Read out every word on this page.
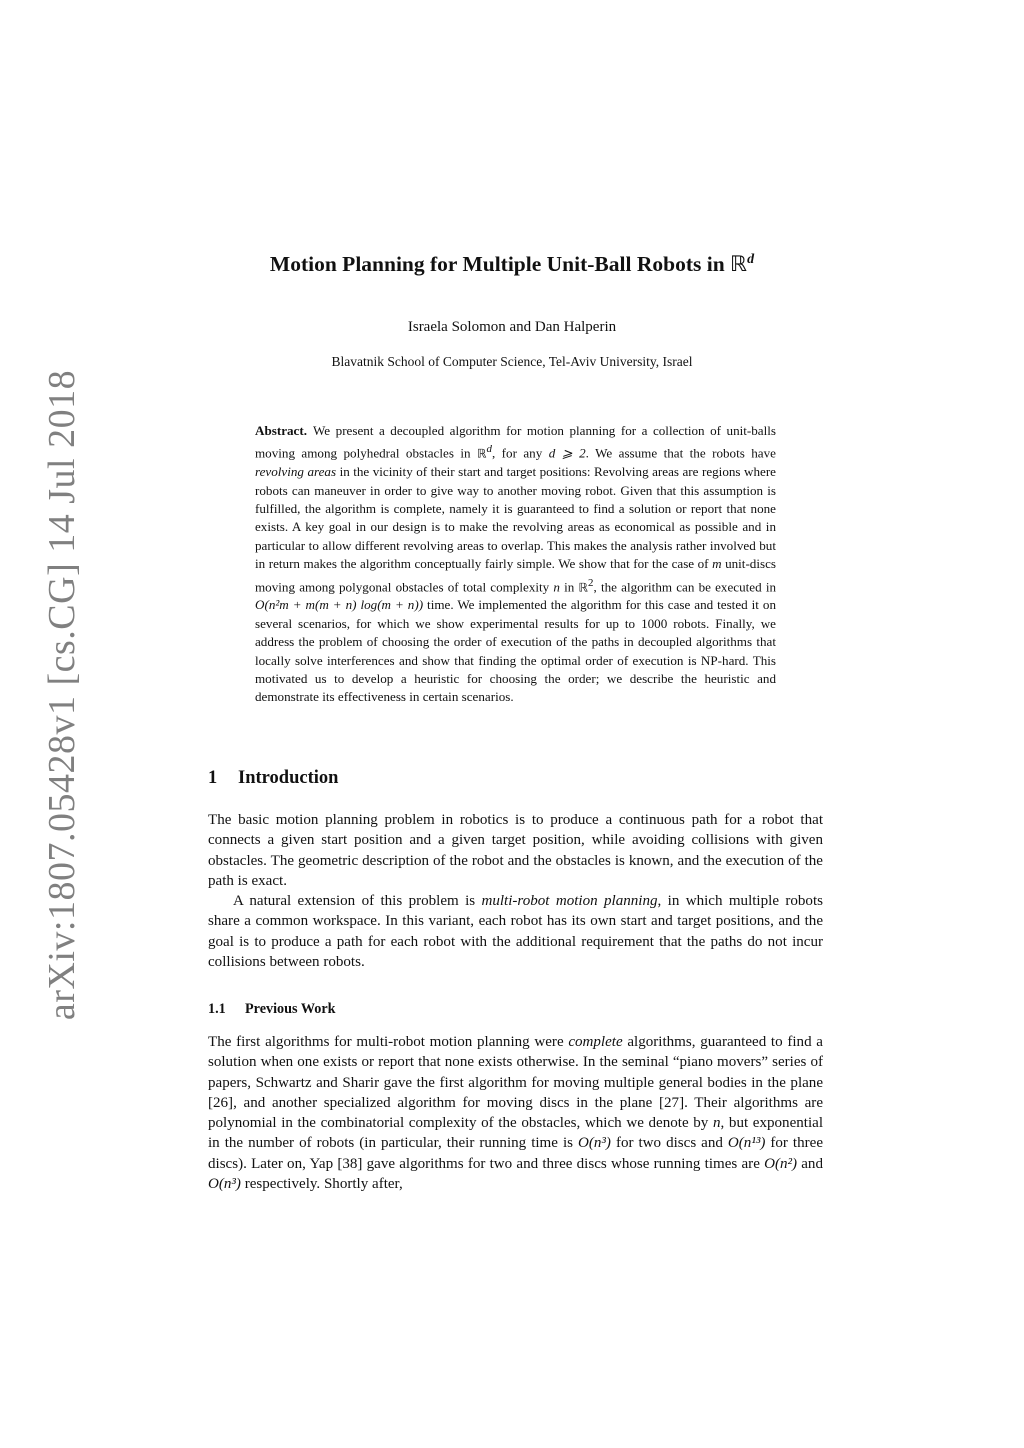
arXiv:1807.05428v1 [cs.CG] 14 Jul 2018
Motion Planning for Multiple Unit-Ball Robots in ℝ$^d$
Israela Solomon and Dan Halperin
Blavatnik School of Computer Science, Tel-Aviv University, Israel
Abstract. We present a decoupled algorithm for motion planning for a collection of unit-balls moving among polyhedral obstacles in ℝ$^d$, for any d ⩾ 2. We assume that the robots have revolving areas in the vicinity of their start and target positions: Revolving areas are regions where robots can maneuver in order to give way to another moving robot. Given that this assumption is fulfilled, the algorithm is complete, namely it is guaranteed to find a solution or report that none exists. A key goal in our design is to make the revolving areas as economical as possible and in particular to allow different revolving areas to overlap. This makes the analysis rather involved but in return makes the algorithm conceptually fairly simple. We show that for the case of m unit-discs moving among polygonal obstacles of total complexity n in ℝ$^2$, the algorithm can be executed in O(n²m + m(m + n) log(m + n)) time. We implemented the algorithm for this case and tested it on several scenarios, for which we show experimental results for up to 1000 robots. Finally, we address the problem of choosing the order of execution of the paths in decoupled algorithms that locally solve interferences and show that finding the optimal order of execution is NP-hard. This motivated us to develop a heuristic for choosing the order; we describe the heuristic and demonstrate its effectiveness in certain scenarios.
1 Introduction

The basic motion planning problem in robotics is to produce a continuous path for a robot that connects a given start position and a given target position, while avoiding collisions with given obstacles. The geometric description of the robot and the obstacles is known, and the execution of the path is exact.

A natural extension of this problem is multi-robot motion planning, in which multiple robots share a common workspace. In this variant, each robot has its own start and target positions, and the goal is to produce a path for each robot with the additional requirement that the paths do not incur collisions between robots.

1.1 Previous Work

The first algorithms for multi-robot motion planning were complete algorithms, guaranteed to find a solution when one exists or report that none exists otherwise. In the seminal “piano movers” series of papers, Schwartz and Sharir gave the first algorithm for moving multiple general bodies in the plane [26], and another specialized algorithm for moving discs in the plane [27]. Their algorithms are polynomial in the combinatorial complexity of the obstacles, which we denote by n, but exponential in the number of robots (in particular, their running time is O(n³) for two discs and O(n¹³) for three discs). Later on, Yap [38] gave algorithms for two and three discs whose running times are O(n²) and O(n³) respectively. Shortly after,
